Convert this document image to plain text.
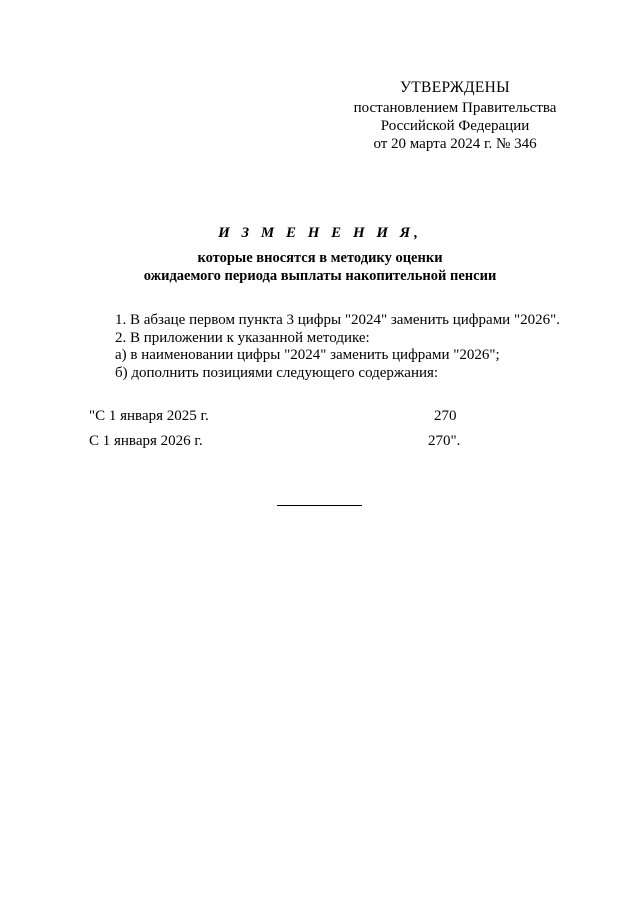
УТВЕРЖДЕНЫ
постановлением Правительства
Российской Федерации
от 20 марта 2024 г. № 346
И З М Е Н Е Н И Я,
которые вносятся в методику оценки
ожидаемого периода выплаты накопительной пенсии
1. В абзаце первом пункта 3 цифры "2024" заменить цифрами "2026".
2. В приложении к указанной методике:
а) в наименовании цифры "2024" заменить цифрами "2026";
б) дополнить позициями следующего содержания:
"С 1 января 2025 г.	270
С 1 января 2026 г.	270".
